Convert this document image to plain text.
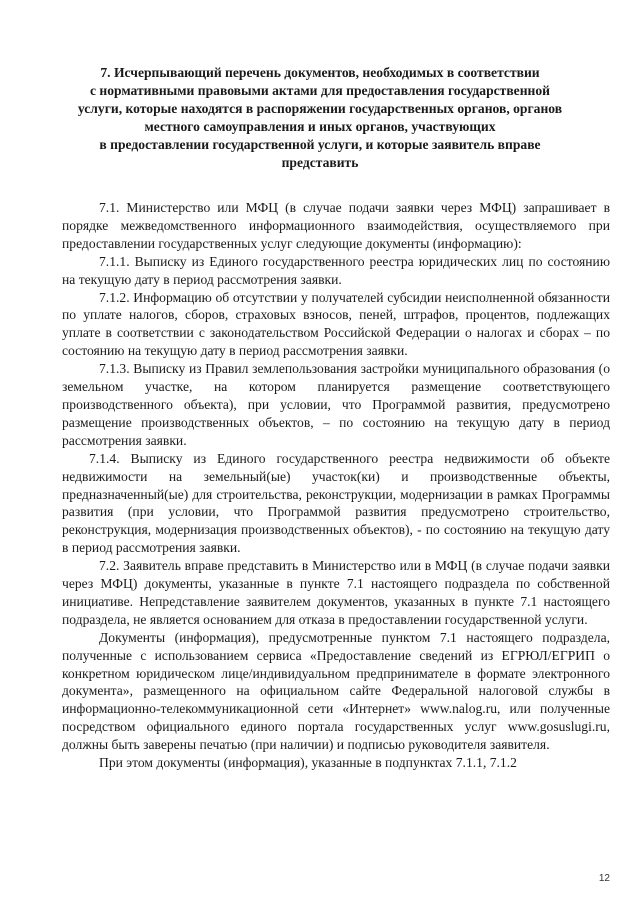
7. Исчерпывающий перечень документов, необходимых в соответствии
с нормативными правовыми актами для предоставления государственной
услуги, которые находятся в распоряжении государственных органов, органов
местного самоуправления и иных органов, участвующих
в предоставлении государственной услуги, и которые заявитель вправе
представить

7.1. Министерство или МФЦ (в случае подачи заявки через МФЦ) запрашивает в порядке межведомственного информационного взаимодействия, осуществляемого при предоставлении государственных услуг следующие документы (информацию):

7.1.1. Выписку из Единого государственного реестра юридических лиц по состоянию на текущую дату в период рассмотрения заявки.

7.1.2. Информацию об отсутствии у получателей субсидии неисполненной обязанности по уплате налогов, сборов, страховых взносов, пеней, штрафов, процентов, подлежащих уплате в соответствии с законодательством Российской Федерации о налогах и сборах – по состоянию на текущую дату в период рассмотрения заявки.

7.1.3. Выписку из Правил землепользования застройки муниципального образования (о земельном участке, на котором планируется размещение соответствующего производственного объекта), при условии, что Программой развития, предусмотрено размещение производственных объектов, – по состоянию на текущую дату в период рассмотрения заявки.

7.1.4. Выписку из Единого государственного реестра недвижимости об объекте недвижимости на земельный(ые) участок(ки) и производственные объекты, предназначенный(ые) для строительства, реконструкции, модернизации в рамках Программы развития (при условии, что Программой развития предусмотрено строительство, реконструкция, модернизация производственных объектов), - по состоянию на текущую дату в период рассмотрения заявки.

7.2. Заявитель вправе представить в Министерство или в МФЦ (в случае подачи заявки через МФЦ) документы, указанные в пункте 7.1 настоящего подраздела по собственной инициативе. Непредставление заявителем документов, указанных в пункте 7.1 настоящего подраздела, не является основанием для отказа в предоставлении государственной услуги.

Документы (информация), предусмотренные пунктом 7.1 настоящего подраздела, полученные с использованием сервиса «Предоставление сведений из ЕГРЮЛ/ЕГРИП о конкретном юридическом лице/индивидуальном предпринимателе в формате электронного документа», размещенного на официальном сайте Федеральной налоговой службы в информационно-телекоммуникационной сети «Интернет» www.nalog.ru, или полученные посредством официального единого портала государственных услуг www.gosuslugi.ru, должны быть заверены печатью (при наличии) и подписью руководителя заявителя.

При этом документы (информация), указанные в подпунктах 7.1.1, 7.1.2

12
